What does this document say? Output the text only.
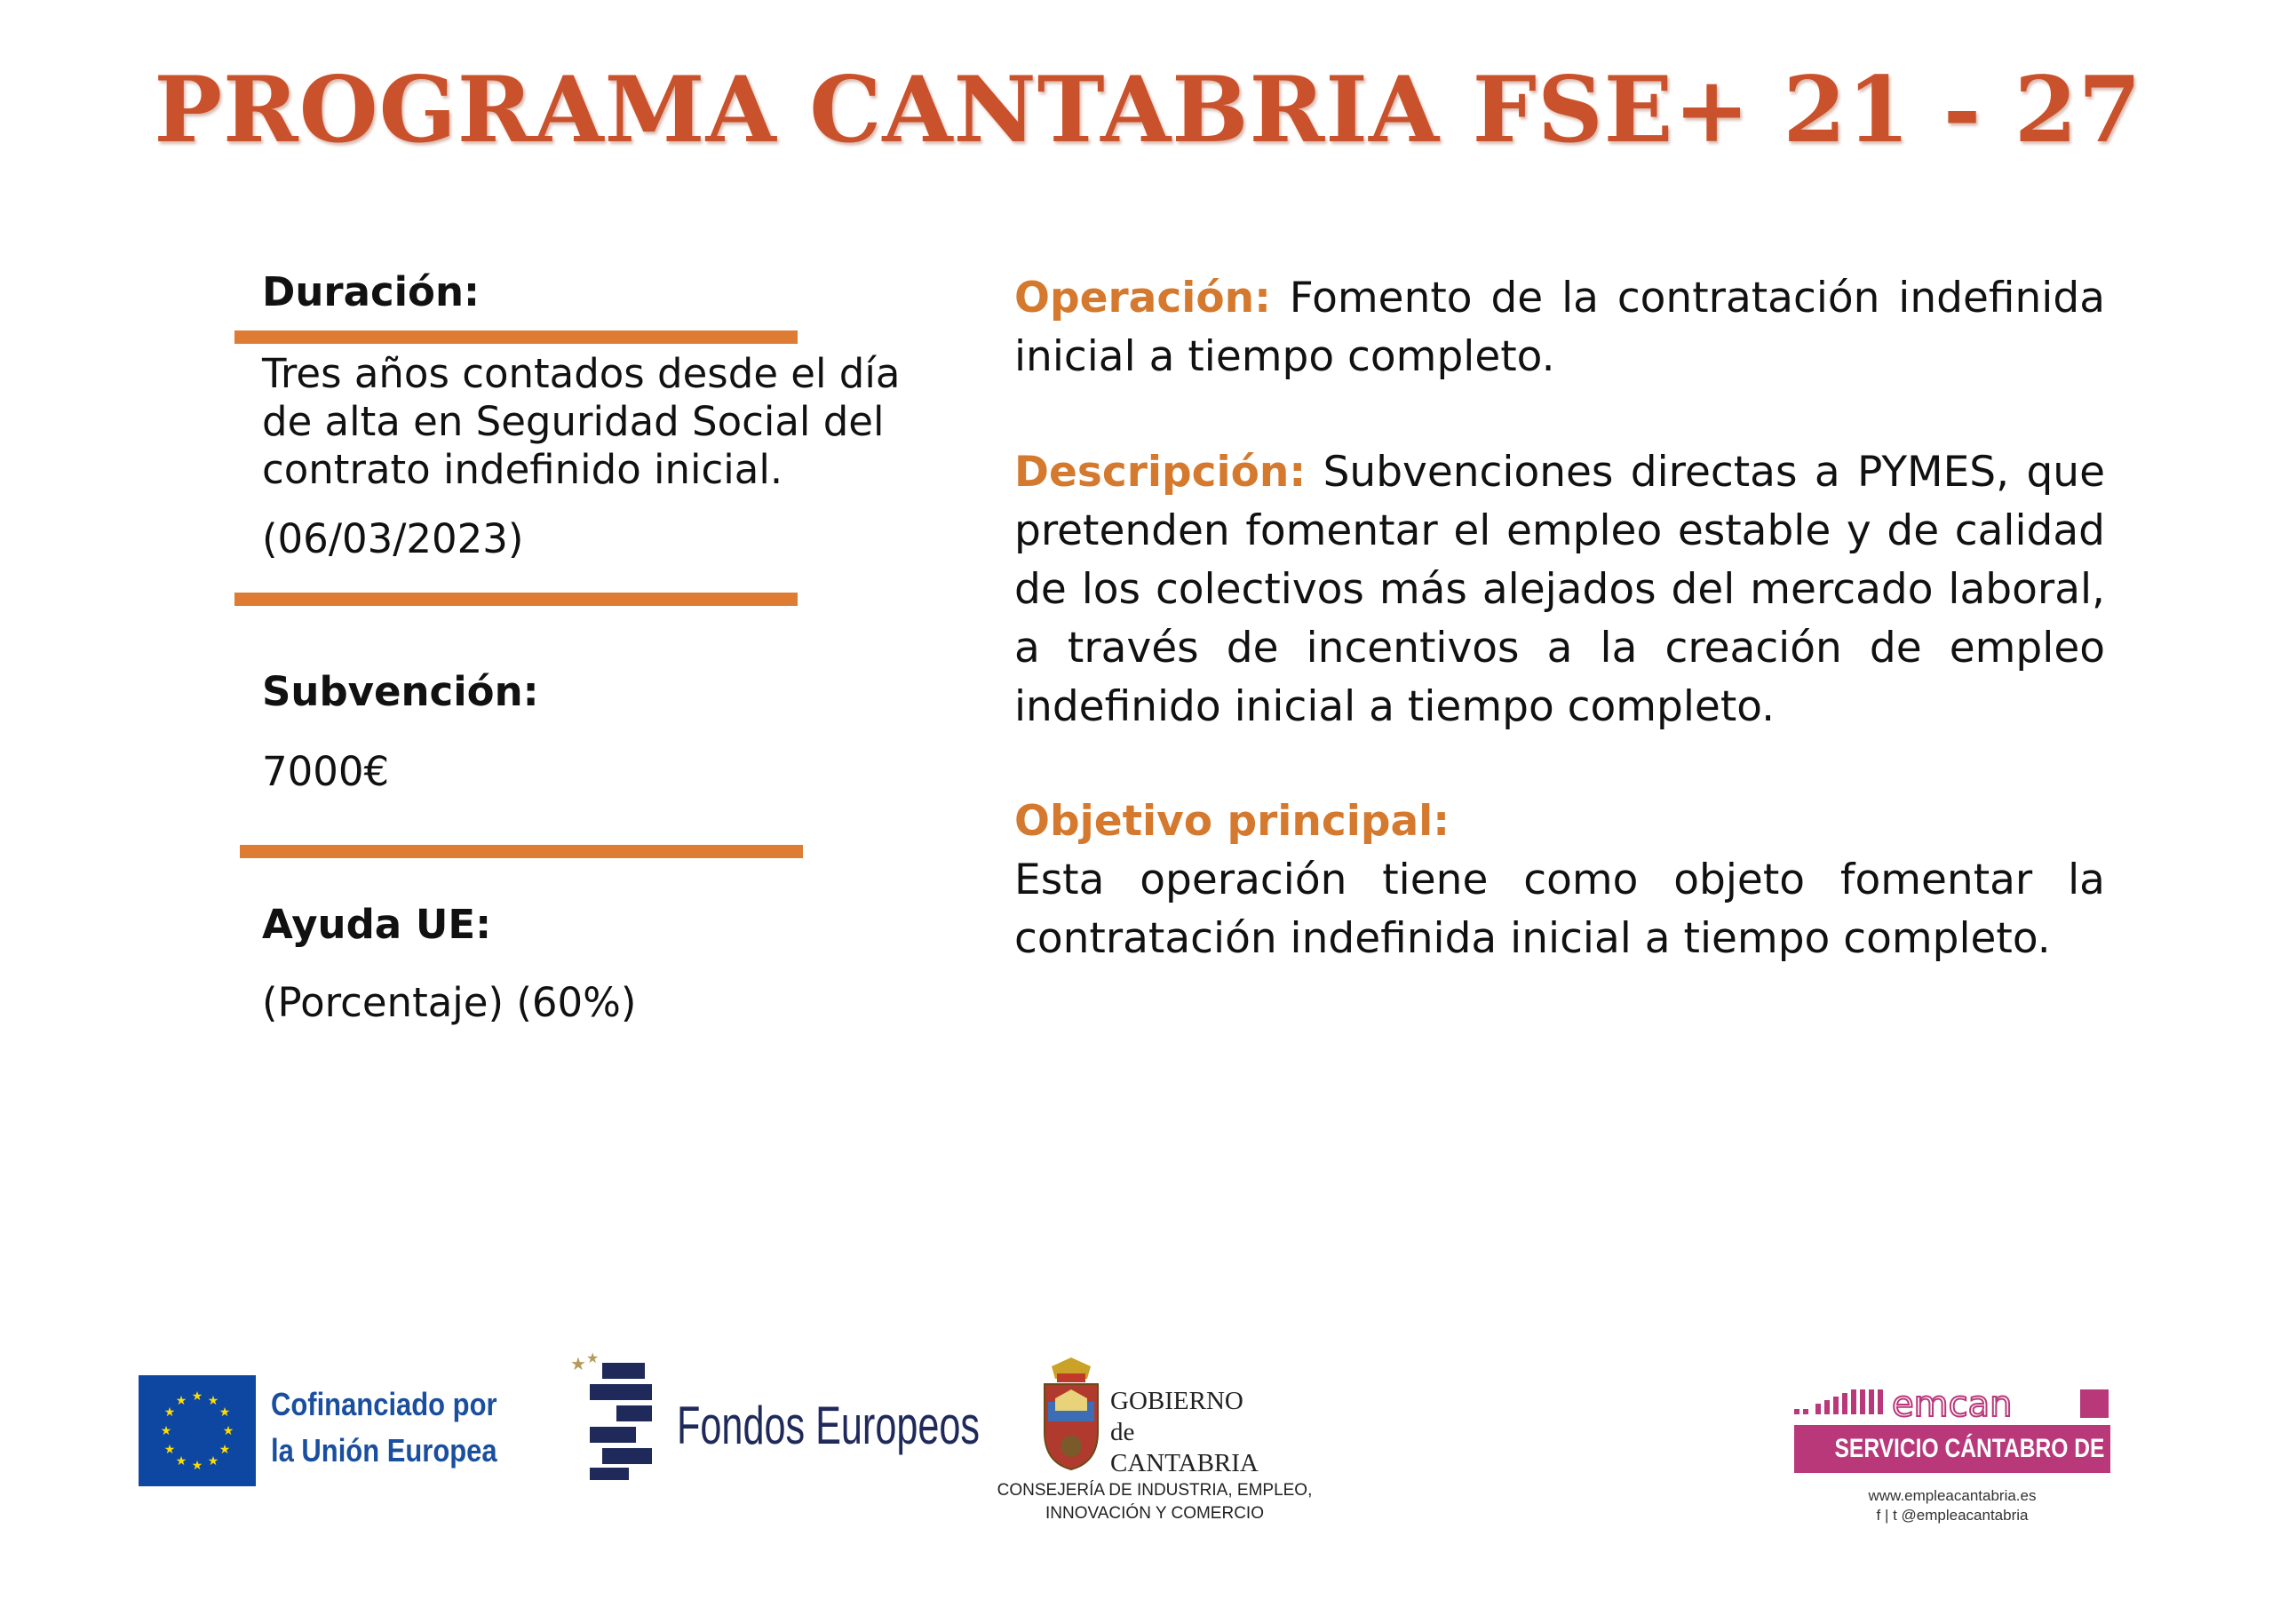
PROGRAMA CANTABRIA FSE+ 21 - 27
Duración:
Tres años contados desde el día de alta en Seguridad Social del contrato indefinido inicial.
(06/03/2023)
Subvención:
7000€
Ayuda UE:
(Porcentaje) (60%)

Operación: Fomento de la contratación indefinida inicial a tiempo completo.

Descripción: Subvenciones directas a PYMES, que pretenden fomentar el empleo estable y de calidad de los colectivos más alejados del mercado laboral, a través de incentivos a la creación de empleo indefinido inicial a tiempo completo.

Objetivo principal:

Esta operación tiene como objeto fomentar la contratación indefinida inicial a tiempo completo.

★ ★
★
★
★
★
★
★
★
★
★
★	Cofinanciado por
la Unión Europea
★ ★
Fondos Europeos	GOBIERNO
de
CANTABRIA
CONSEJERÍA DE INDUSTRIA, EMPLEO,
INNOVACIÓN Y COMERCIO
emcan
SERVICIO CÁNTABRO DE EMPLEO
www.empleacantabria.es
f | t @empleacantabria
